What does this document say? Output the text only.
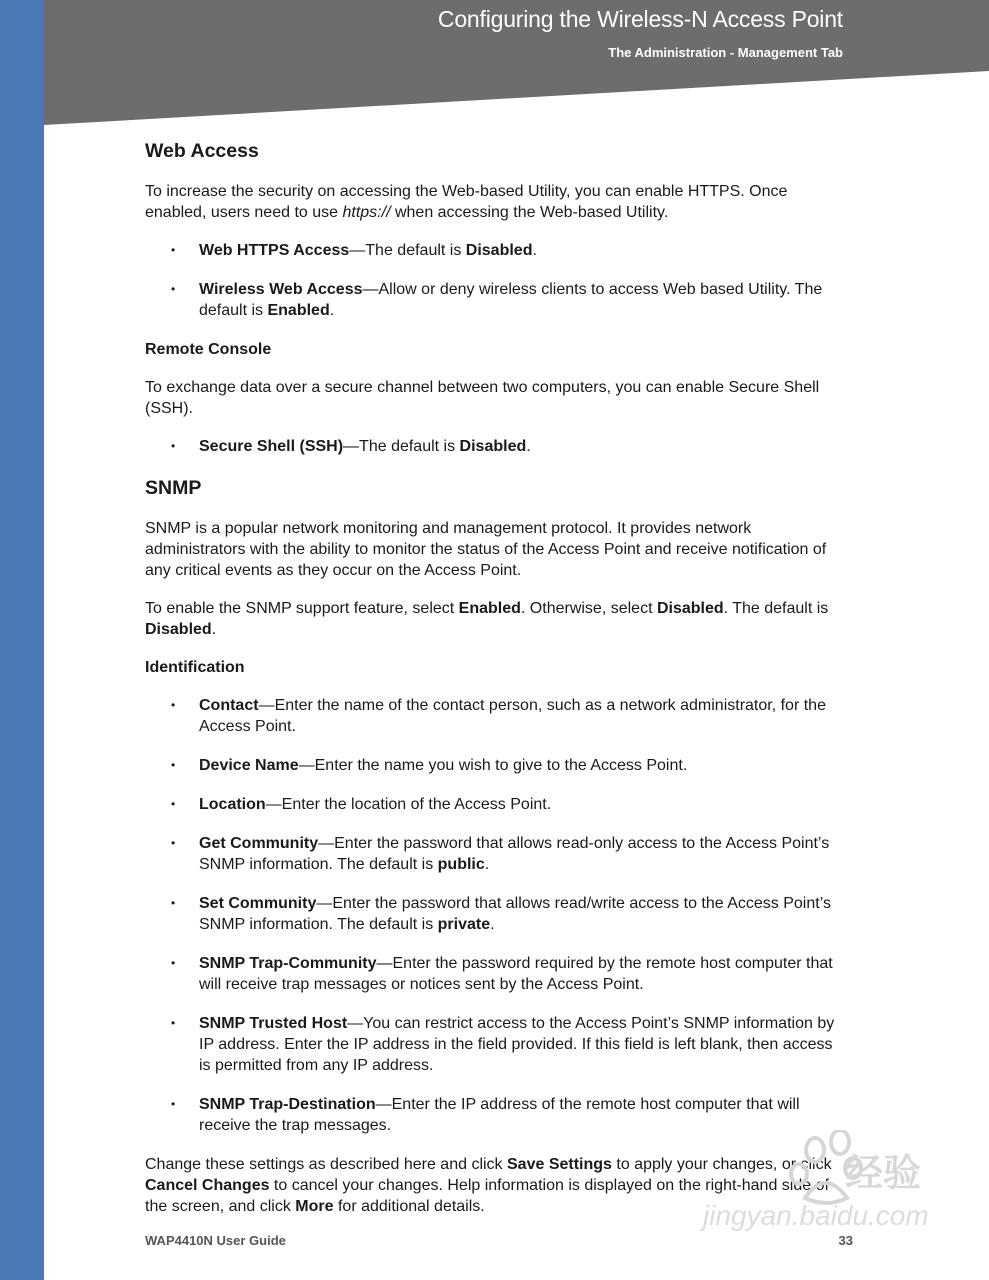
Configuring the Wireless-N Access Point
The Administration - Management Tab
Web Access

To increase the security on accessing the Web-based Utility, you can enable HTTPS. Once enabled, users need to use https:// when accessing the Web-based Utility.

• Web HTTPS Access—The default is Disabled.
• Wireless Web Access—Allow or deny wireless clients to access Web based Utility. The default is Enabled.
Remote Console

To exchange data over a secure channel between two computers, you can enable Secure Shell (SSH).

• Secure Shell (SSH)—The default is Disabled.
SNMP

SNMP is a popular network monitoring and management protocol. It provides network administrators with the ability to monitor the status of the Access Point and receive notification of any critical events as they occur on the Access Point.

To enable the SNMP support feature, select Enabled. Otherwise, select Disabled. The default is Disabled.

Identification
• Contact—Enter the name of the contact person, such as a network administrator, for the Access Point.
• Device Name—Enter the name you wish to give to the Access Point.
• Location—Enter the location of the Access Point.
• Get Community—Enter the password that allows read-only access to the Access Point’s SNMP information. The default is public.
• Set Community—Enter the password that allows read/write access to the Access Point’s SNMP information. The default is private.
• SNMP Trap-Community—Enter the password required by the remote host computer that will receive trap messages or notices sent by the Access Point.
• SNMP Trusted Host—You can restrict access to the Access Point’s SNMP information by IP address. Enter the IP address in the field provided. If this field is left blank, then access is permitted from any IP address.
• SNMP Trap-Destination—Enter the IP address of the remote host computer that will receive the trap messages.

Change these settings as described here and click Save Settings to apply your changes, or click Cancel Changes to cancel your changes. Help information is displayed on the right-hand side of the screen, and click More for additional details.

WAP4410N User Guide	33
经验
jingyan.baidu.com
